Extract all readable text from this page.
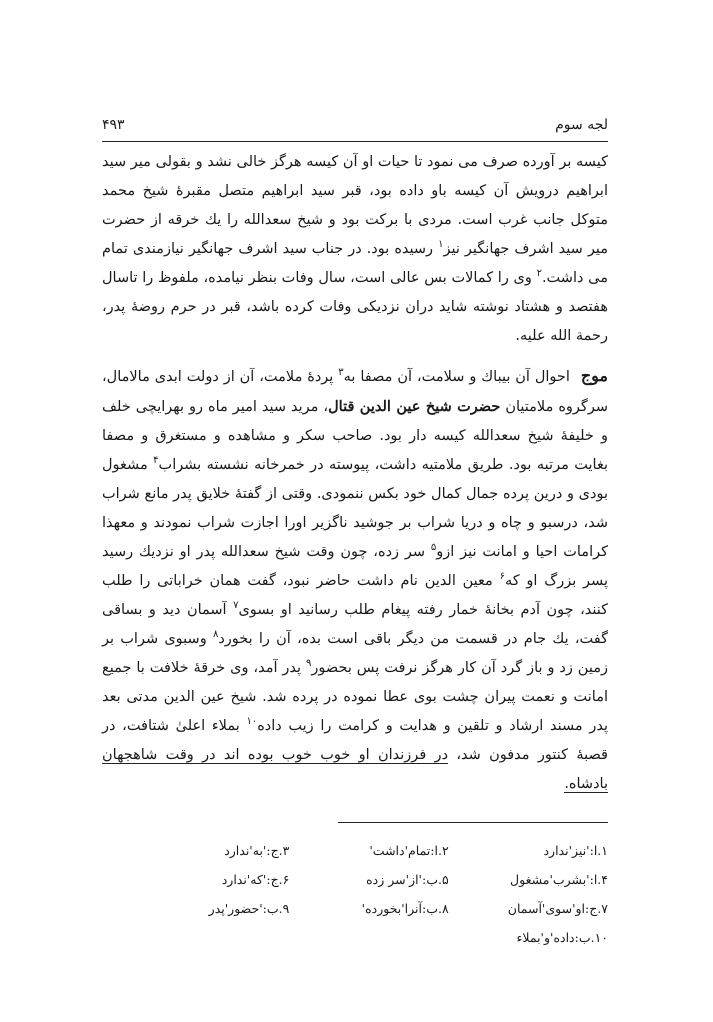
۴۹۳	لجه سوم

کیسه بر آورده صرف می نمود تا حیات او آن کیسه هرگز خالی نشد و بقولی میر سید ابراهیم درویش آن کیسه باو داده بود، قبر سید ابراهیم متصل مقبرهٔ شیخ محمد متوکل جانب غرب است. مردی با برکت بود و شیخ سعدالله را یك خرقه از حضرت میر سید اشرف جهانگیر نیز$^۱$ رسیده بود. در جناب سید اشرف جهانگیر نیازمندی تمام می داشت.$^۲$ وی را کمالات بس عالی است، سال وفات بنظر نیامده، ملفوظ را تاسال هفتصد و هشتاد نوشته شاید دران نزدیکی وفات کرده باشد، قبر در حرم روضهٔ پدر، رحمة الله علیه.

موج احوال آن بیباك و سلامت، آن مصفا به$^۳$ پردهٔ ملامت، آن از دولت ابدی مالامال، سرگروه ملامتیان حضرت شیخ عین الدین قتال، مرید سید امیر ماه رو بهرایچی خلف و خلیفهٔ شیخ سعدالله کیسه دار بود. صاحب سکر و مشاهده و مستغرق و مصفا بغایت مرتبه بود. طریق ملامتیه داشت، پیوسته در خمرخانه نشسته بشراب$^۴$ مشغول بودی و درین پرده جمال کمال خود بکس ننمودی. وقتی از گفتهٔ خلایق پدر مانع شراب شد، درسبو و چاه و دریا شراب بر جوشید ناگزیر اورا اجازت شراب نمودند و معهذا کرامات احیا و امانت نیز ازو$^۵$ سر زده، چون وقت شیخ سعدالله پدر او نزدیك رسید پسر بزرگ او که$^۶$ معین الدین نام داشت حاضر نبود، گفت همان خراباتی را طلب کنند، چون آدم بخانهٔ خمار رفته پیغام طلب رسانید او بسوی$^۷$ آسمان دید و بساقی گفت، یك جام در قسمت من دیگر باقی است بده، آن را بخورد$^۸$ وسبوی شراب بر زمین زد و باز گرد آن کار هرگز نرفت پس بحضور$^۹$ پدر آمد، وی خرقهٔ خلافت با جمیع امانت و نعمت پیران چشت بوی عطا نموده در پرده شد. شیخ عین الدین مدتی بعد پدر مسند ارشاد و تلقین و هدایت و کرامت را زیب داده$^{۱۰}$ بملاء اعلیٰ شتافت، در قصبهٔ کنتور مدفون شد، در فرزندان او خوب خوب بوده اند در وقت شاهجهان بادشاه.

۱.ا:'نیز'ندارد
۲.ا:تمام'داشت'
۳.ج:'به'ندارد
۴.ا:'بشرب'مشغول
۵.ب:'از'سر زده
۶.ج:'که'ندارد
۷.ج:او'سوی'آسمان
۸.ب:آنرا'بخورده'
۹.ب:'حضور'پدر
۱۰.ب:داده'و'بملاء
